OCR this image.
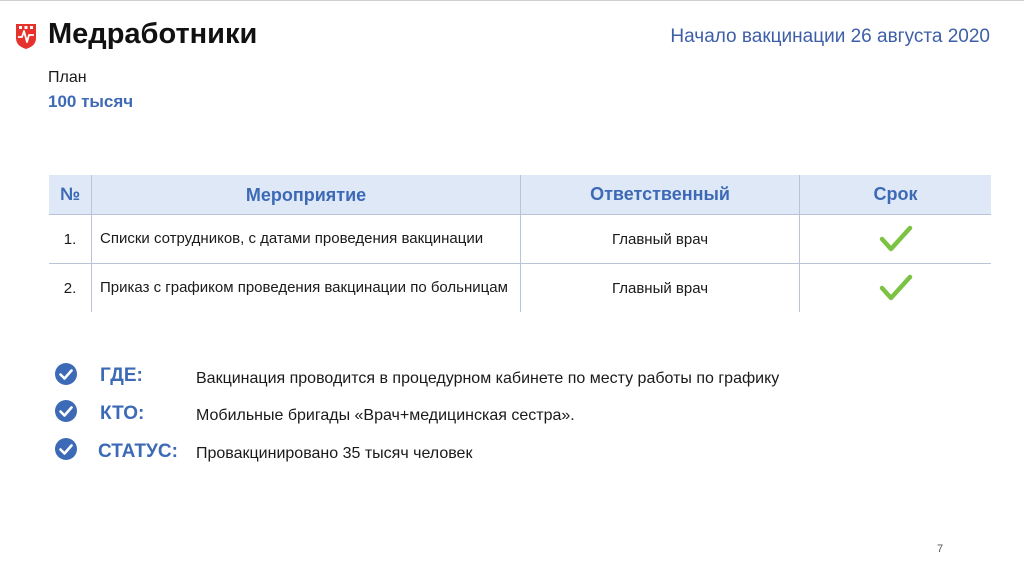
Медработники	Начало вакцинации 26 августа 2020
План
100 тысяч
№	Мероприятие	Ответственный	Срок
1.	Списки сотрудников, с датами проведения вакцинации	Главный врач	

2.	Приказ с графиком проведения вакцинации по больницам	Главный врач	
ГДЕ:	Вакцинация проводится в процедурном кабинете по месту работы по графику
КТО:	Мобильные бригады «Врач+медицинская сестра».
СТАТУС: Провакцинировано 35 тысяч человек
7
